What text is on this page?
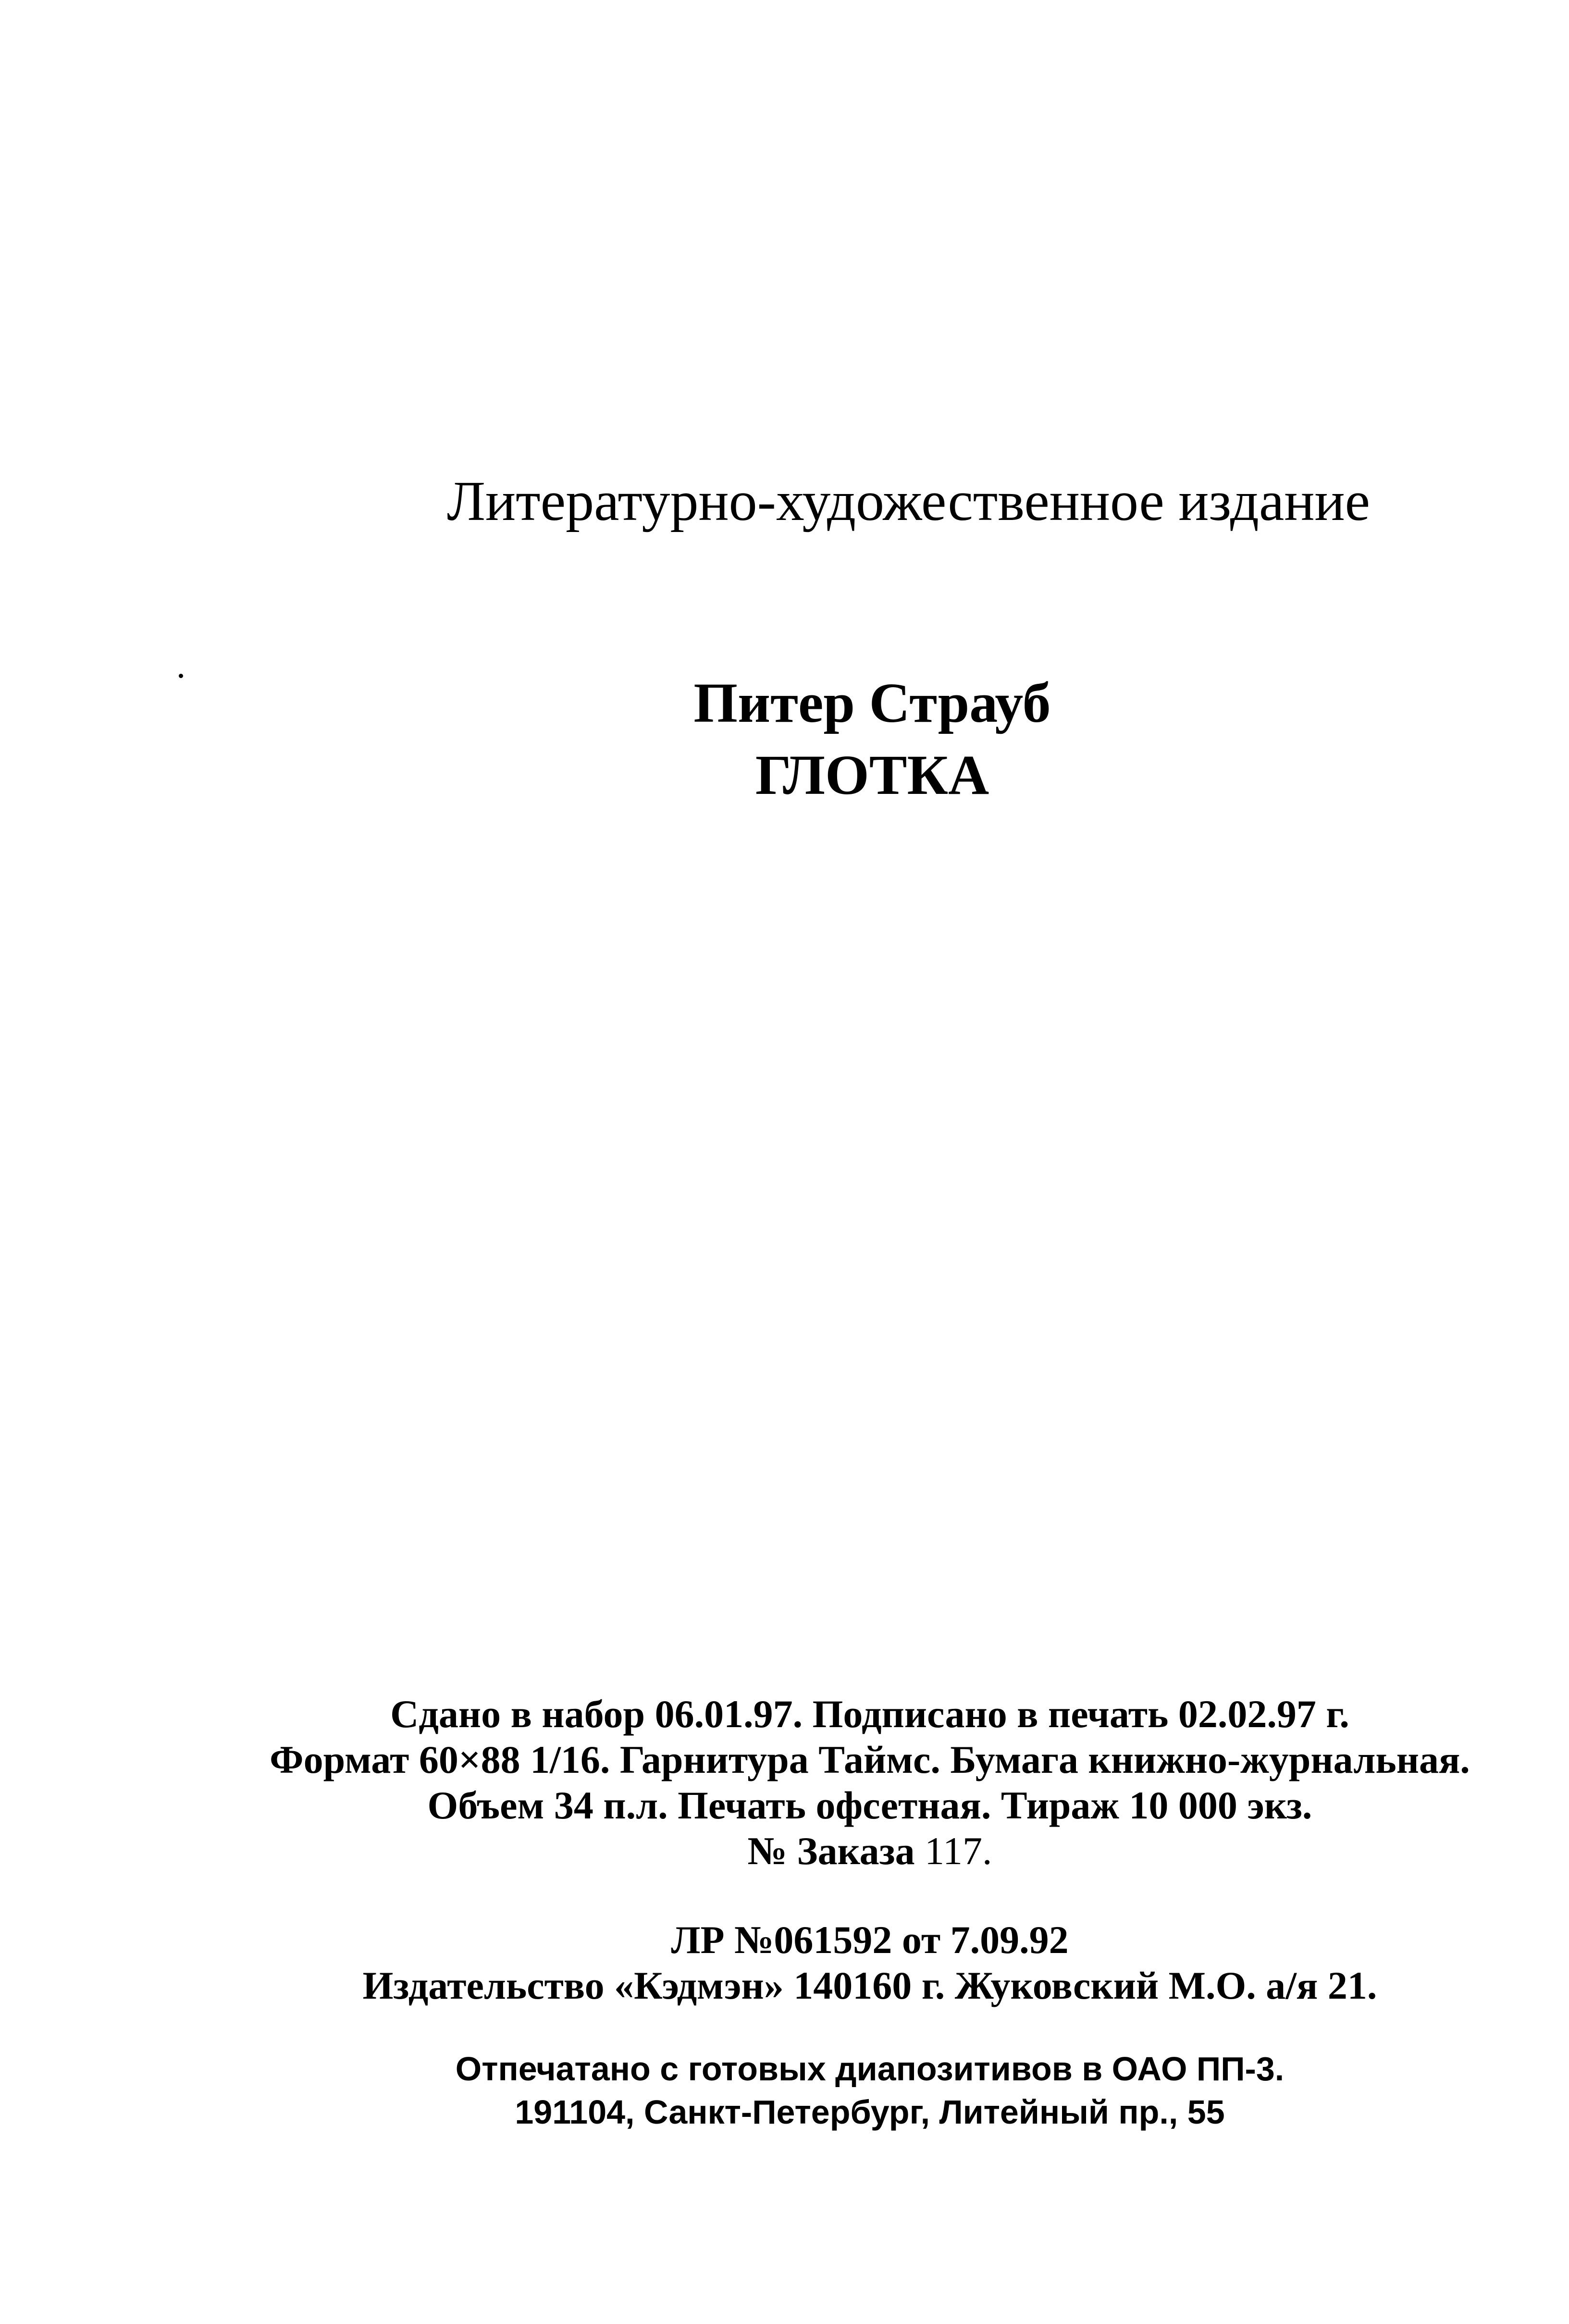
Литературно-художественное издание
Питер Страуб
ГЛОТКА
Сдано в набор 06.01.97. Подписано в печать 02.02.97 г.
Формат 60×88 1/16. Гарнитура Таймс. Бумага книжно-журнальная.
Объем 34 п.л. Печать офсетная. Тираж 10 000 экз.
№ Заказа 117.
ЛР №061592 от 7.09.92
Издательство «Кэдмэн» 140160 г. Жуковский М.О. а/я 21.
Отпечатано с готовых диапозитивов в ОАО ПП-3.
191104, Санкт-Петербург, Литейный пр., 55
